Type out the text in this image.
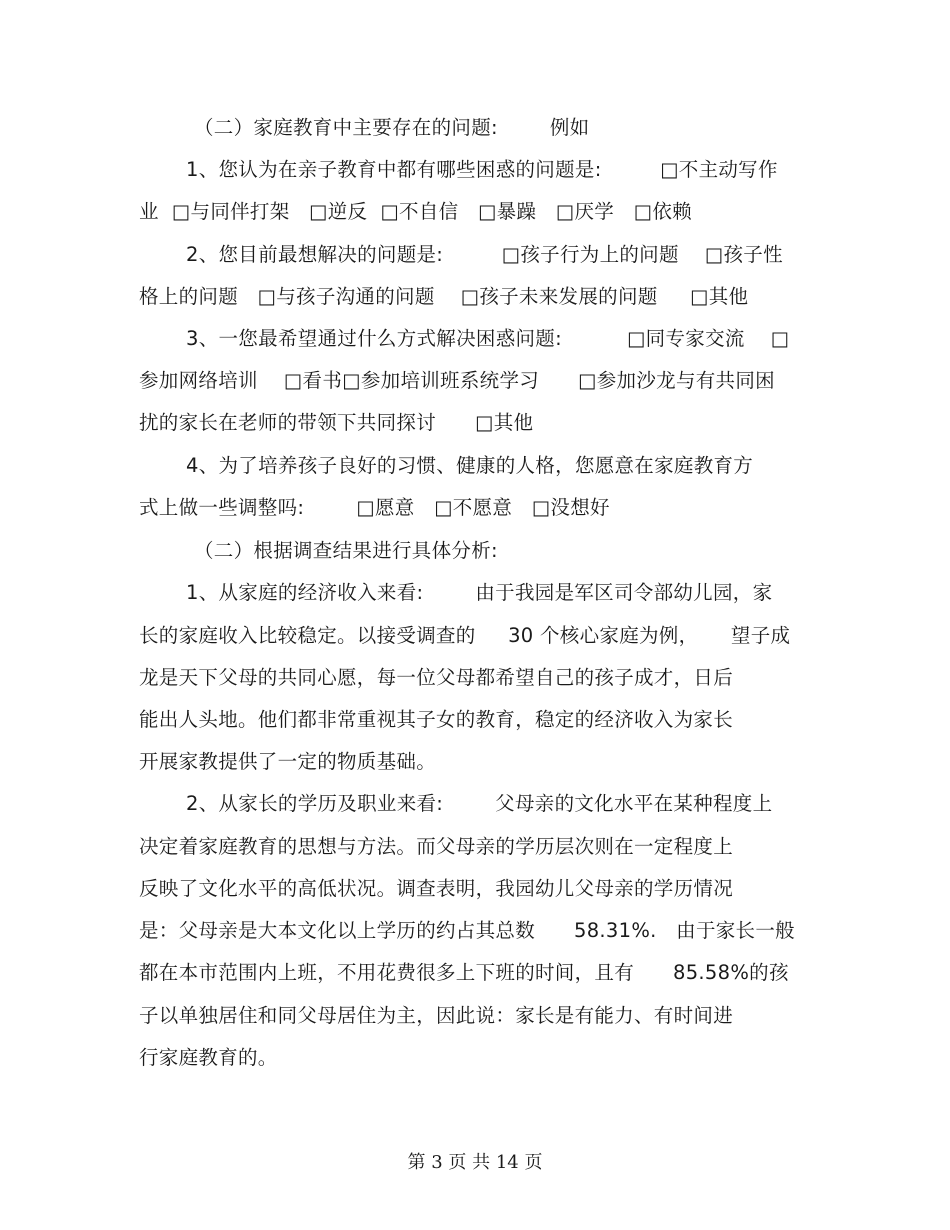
（二）家庭教育中主要存在的问题:        例如
1、您认为在亲子教育中都有哪些困惑的问题是:         □不主动写作
业  □与同伴打架   □逆反  □不自信   □暴躁   □厌学   □依赖
2、您目前最想解决的问题是:         □孩子行为上的问题    □孩子性
格上的问题   □与孩子沟通的问题    □孩子未来发展的问题     □其他
3、一您最希望通过什么方式解决困惑问题:          □同专家交流    □
参加网络培训    □看书□参加培训班系统学习      □参加沙龙与有共同困
扰的家长在老师的带领下共同探讨      □其他
4、为了培养孩子良好的习惯、健康的人格，您愿意在家庭教育方
式上做一些调整吗:        □愿意   □不愿意   □没想好
（二）根据调查结果进行具体分析:
1、从家庭的经济收入来看:        由于我园是军区司令部幼儿园，家
长的家庭收入比较稳定。以接受调查的     30 个核心家庭为例，     望子成
龙是天下父母的共同心愿，每一位父母都希望自己的孩子成才，日后
能出人头地。他们都非常重视其子女的教育，稳定的经济收入为家长
开展家教提供了一定的物质基础。
2、从家长的学历及职业来看:        父母亲的文化水平在某种程度上
决定着家庭教育的思想与方法。而父母亲的学历层次则在一定程度上
反映了文化水平的高低状况。调查表明，我园幼儿父母亲的学历情况
是：父母亲是大本文化以上学历的约占其总数      58.31%.   由于家长一般
都在本市范围内上班，不用花费很多上下班的时间，且有      85.58%的孩
子以单独居住和同父母居住为主，因此说：家长是有能力、有时间进
行家庭教育的。
第 3 页 共 14 页
